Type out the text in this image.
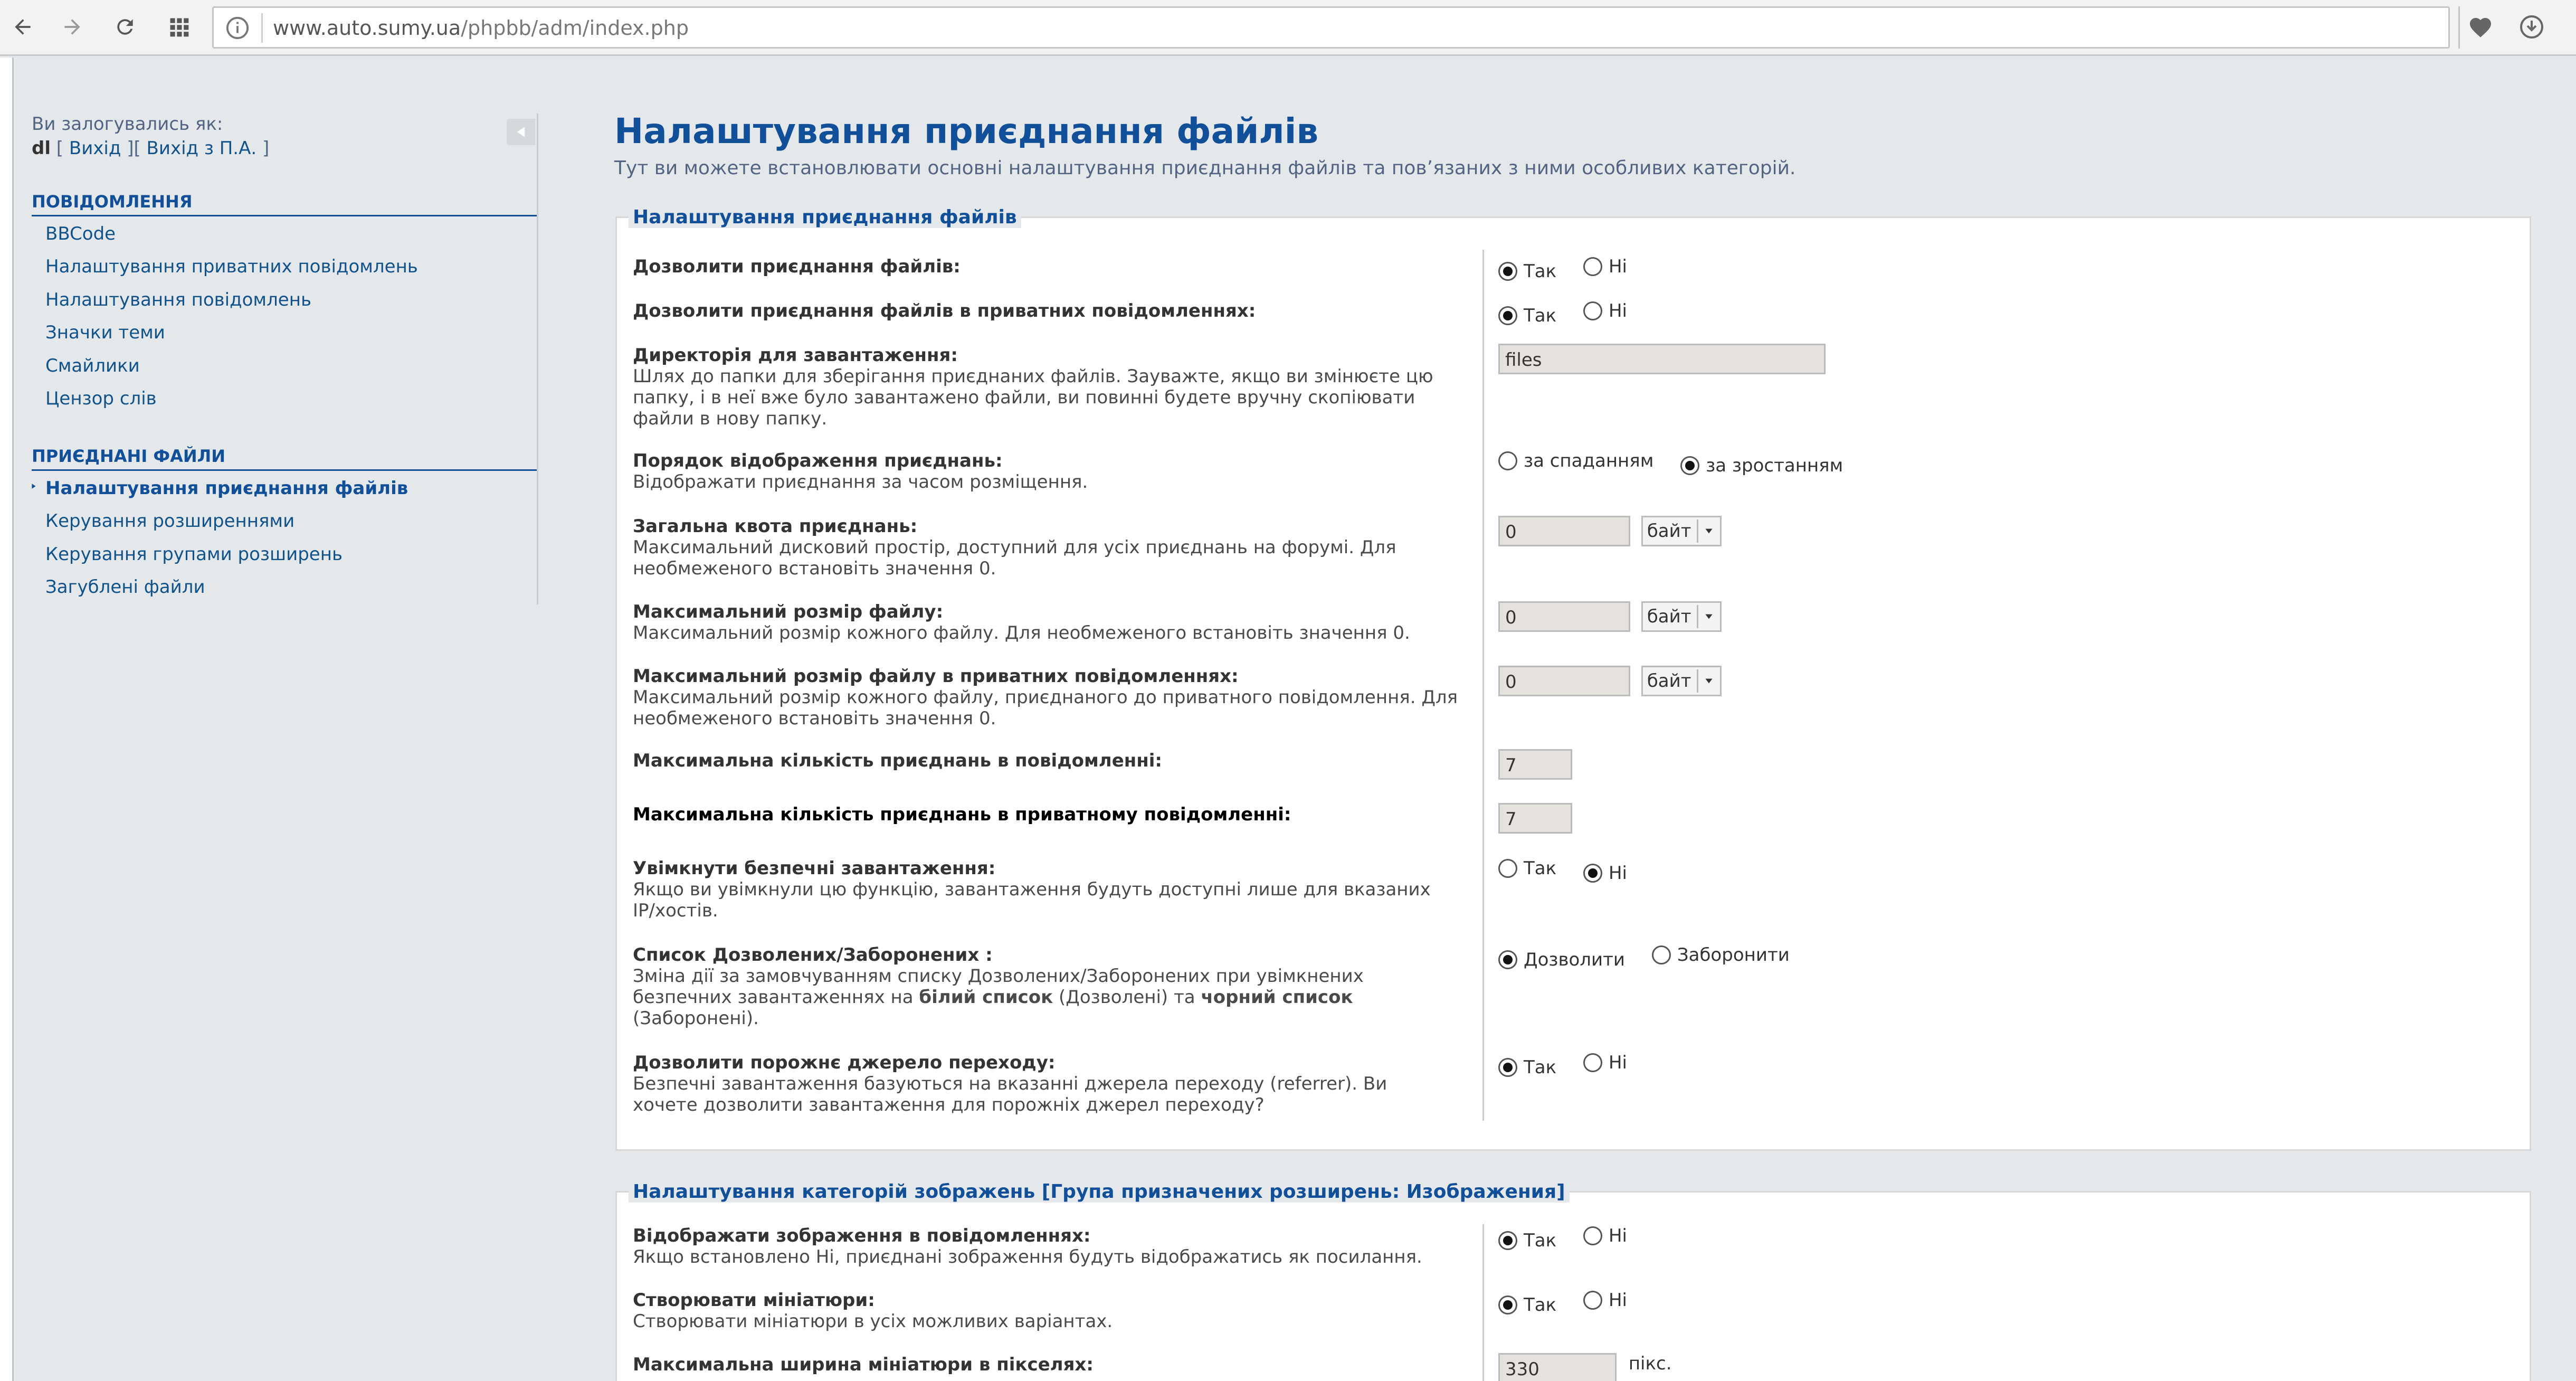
www.auto.sumy.ua/phpbb/adm/index.php
Ви залогувались як:
dl [ Вихід ][ Вихід з П.А. ]
ПОВІДОМЛЕННЯ
BBCode
Налаштування приватних повідомлень
Налаштування повідомлень
Значки теми
Смайлики
Цензор слів
ПРИЄДНАНІ ФАЙЛИ
Налаштування приєднання файлів
Керування розширеннями
Керування групами розширень
Загублені файли
Налаштування приєднання файлів
Тут ви можете встановлювати основні налаштування приєднання файлів та пов’язаних з ними особливих категорій.
Налаштування приєднання файлів
Дозволити приєднання файлів:	Так
	Ні
Дозволити приєднання файлів в приватних повідомленнях:	Так
	Ні
Директорія для завантаження:
Шлях до папки для зберігання приєднаних файлів. Зауважте, якщо ви змінюєте цю
папку, і в неї вже було завантажено файли, ви повинні будете вручну скопіювати
файли в нову папку.
files
Порядок відображення приєднань:
Відображати приєднання за часом розміщення.
за спаданням
	за зростанням
Загальна квота приєднань:
Максимальний дисковий простір, доступний для усіх приєднань на форумі. Для
необмеженого встановіть значення 0.
0	байт
Максимальний розмір файлу:
Максимальний розмір кожного файлу. Для необмеженого встановіть значення 0.
0	байт
Максимальний розмір файлу в приватних повідомленнях:
Максимальний розмір кожного файлу, приєднаного до приватного повідомлення. Для
необмеженого встановіть значення 0.
0	байт
Максимальна кількість приєднань в повідомленні:	7
Максимальна кількість приєднань в приватному повідомленні:	7
Увімкнути безпечні завантаження:
Якщо ви увімкнули цю функцію, завантаження будуть доступні лише для вказаних
IP/хостів.
Так
	Ні
Список Дозволених/Заборонених :
Зміна дії за замовчуванням списку Дозволених/Заборонених при увімкнених
безпечних завантаженнях на білий список (Дозволені) та чорний список
(Заборонені).
Дозволити
	Заборонити
Дозволити порожнє джерело переходу:
Безпечні завантаження базуються на вказанні джерела переходу (referrer). Ви
хочете дозволити завантаження для порожніх джерел переходу?
Так
	Ні
Налаштування категорій зображень [Група призначених розширень: Изображения]
Відображати зображення в повідомленнях:
Якщо встановлено Ні, приєднані зображення будуть відображатись як посилання.
Так
	Ні
Створювати мініатюри:
Створювати мініатюри в усіх можливих варіантах.
Так
	Ні
Максимальна ширина мініатюри в пікселях:	330	пікс.
